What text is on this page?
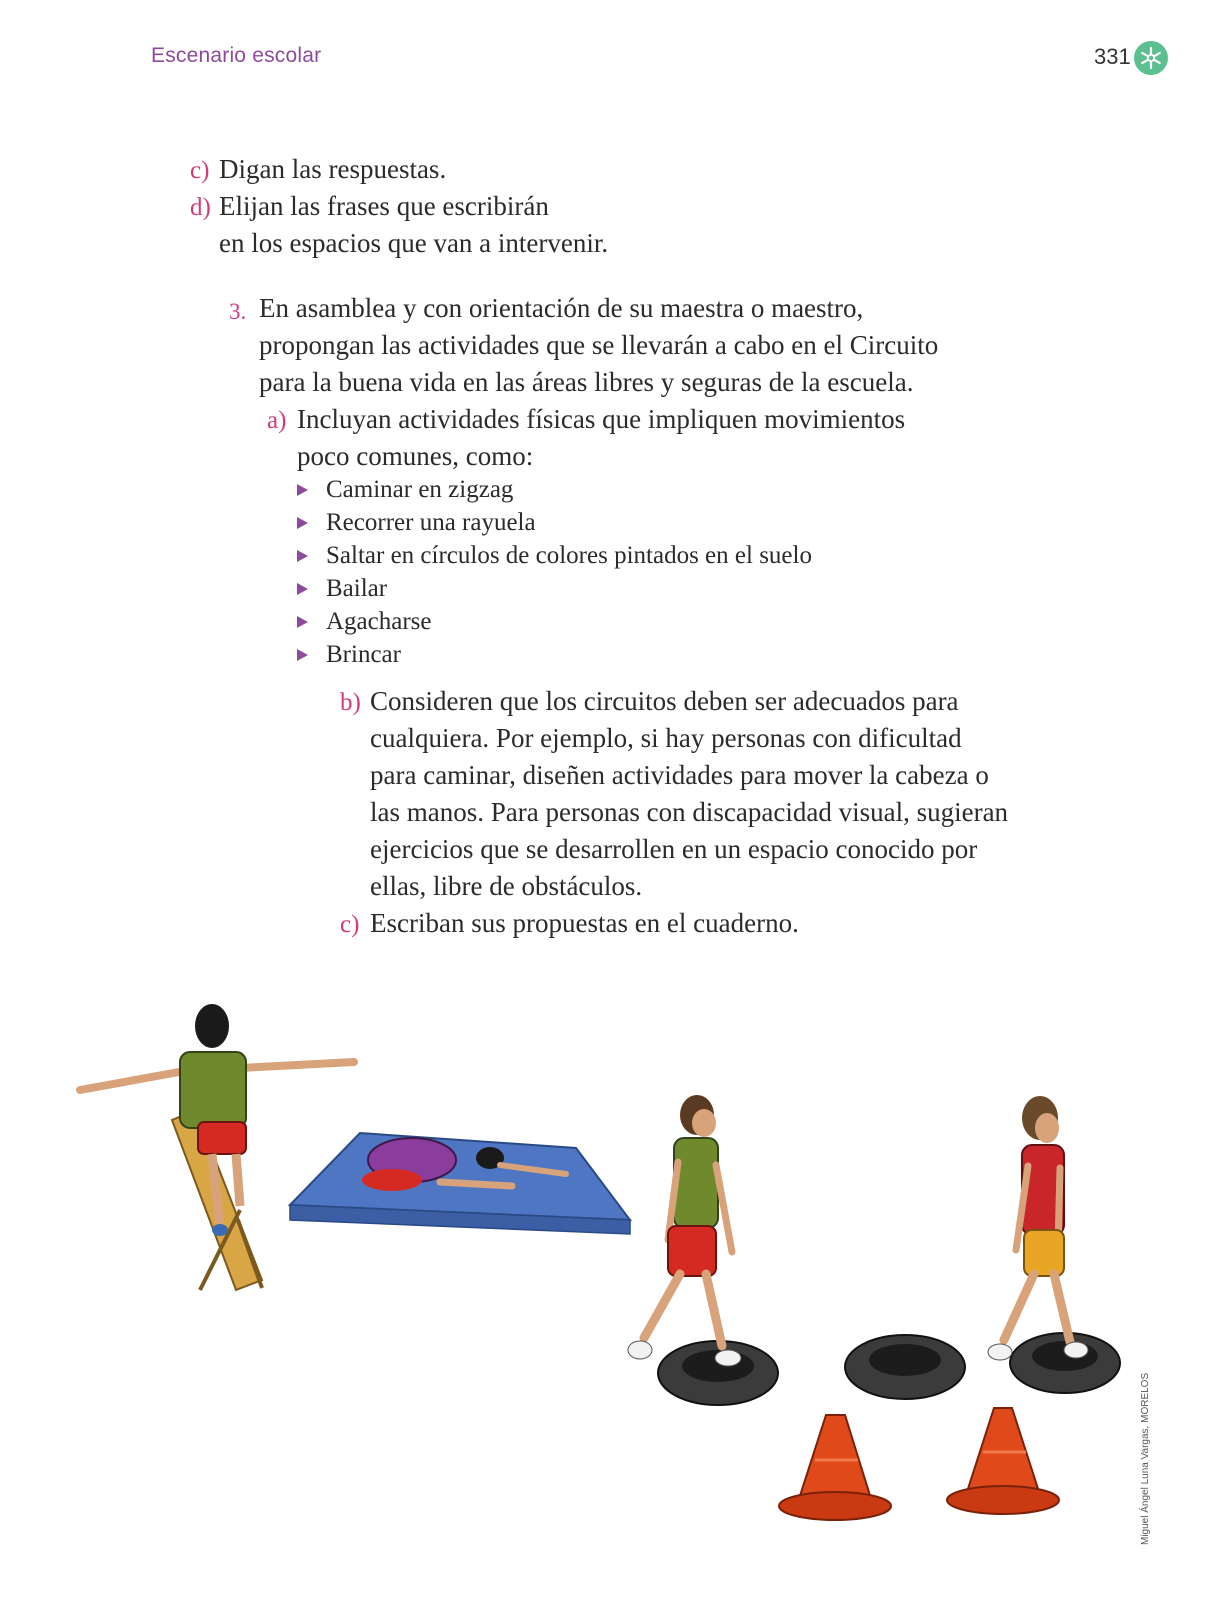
Escenario escolar	331
c) Digan las respuestas.
d) Elijan las frases que escribirán
en los espacios que van a intervenir.
3. En asamblea y con orientación de su maestra o maestro,
propongan las actividades que se llevarán a cabo en el Circuito
para la buena vida en las áreas libres y seguras de la escuela.
a) Incluyan actividades físicas que impliquen movimientos
poco comunes, como:
Caminar en zigzag
Recorrer una rayuela
Saltar en círculos de colores pintados en el suelo
Bailar
Agacharse
Brincar
b) Consideren que los circuitos deben ser adecuados para
cualquiera. Por ejemplo, si hay personas con dificultad
para caminar, diseñen actividades para mover la cabeza o
las manos. Para personas con discapacidad visual, sugieran
ejercicios que se desarrollen en un espacio conocido por
ellas, libre de obstáculos.
c) Escriban sus propuestas en el cuaderno.
Miguel Ángel Luna Vargas, MORELOS
